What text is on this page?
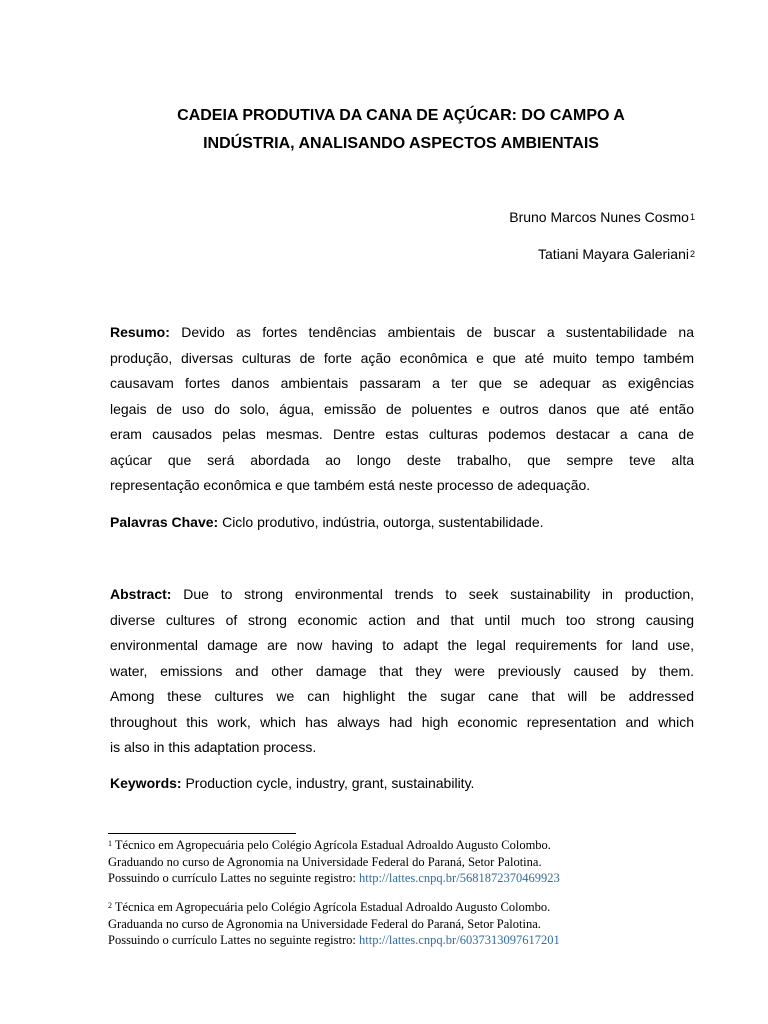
CADEIA PRODUTIVA DA CANA DE AÇÚCAR: DO CAMPO A
INDÚSTRIA, ANALISANDO ASPECTOS AMBIENTAIS
Bruno Marcos Nunes Cosmo$^1$
Tatiani Mayara Galeriani$^2$
Resumo: Devido as fortes tendências ambientais de buscar a sustentabilidade na
produção, diversas culturas de forte ação econômica e que até muito tempo também
causavam fortes danos ambientais passaram a ter que se adequar as exigências
legais de uso do solo, água, emissão de poluentes e outros danos que até então
eram causados pelas mesmas. Dentre estas culturas podemos destacar a cana de
açúcar que será abordada ao longo deste trabalho, que sempre teve alta
representação econômica e que também está neste processo de adequação.
Palavras Chave: Ciclo produtivo, indústria, outorga, sustentabilidade.
Abstract: Due to strong environmental trends to seek sustainability in production,
diverse cultures of strong economic action and that until much too strong causing
environmental damage are now having to adapt the legal requirements for land use,
water, emissions and other damage that they were previously caused by them.
Among these cultures we can highlight the sugar cane that will be addressed
throughout this work, which has always had high economic representation and which
is also in this adaptation process.
Keywords: Production cycle, industry, grant, sustainability.
$^1$ Técnico em Agropecuária pelo Colégio Agrícola Estadual Adroaldo Augusto Colombo.
Graduando no curso de Agronomia na Universidade Federal do Paraná, Setor Palotina.
Possuindo o currículo Lattes no seguinte registro: http://lattes.cnpq.br/5681872370469923
$^2$ Técnica em Agropecuária pelo Colégio Agrícola Estadual Adroaldo Augusto Colombo.
Graduanda no curso de Agronomia na Universidade Federal do Paraná, Setor Palotina.
Possuindo o currículo Lattes no seguinte registro: http://lattes.cnpq.br/6037313097617201
